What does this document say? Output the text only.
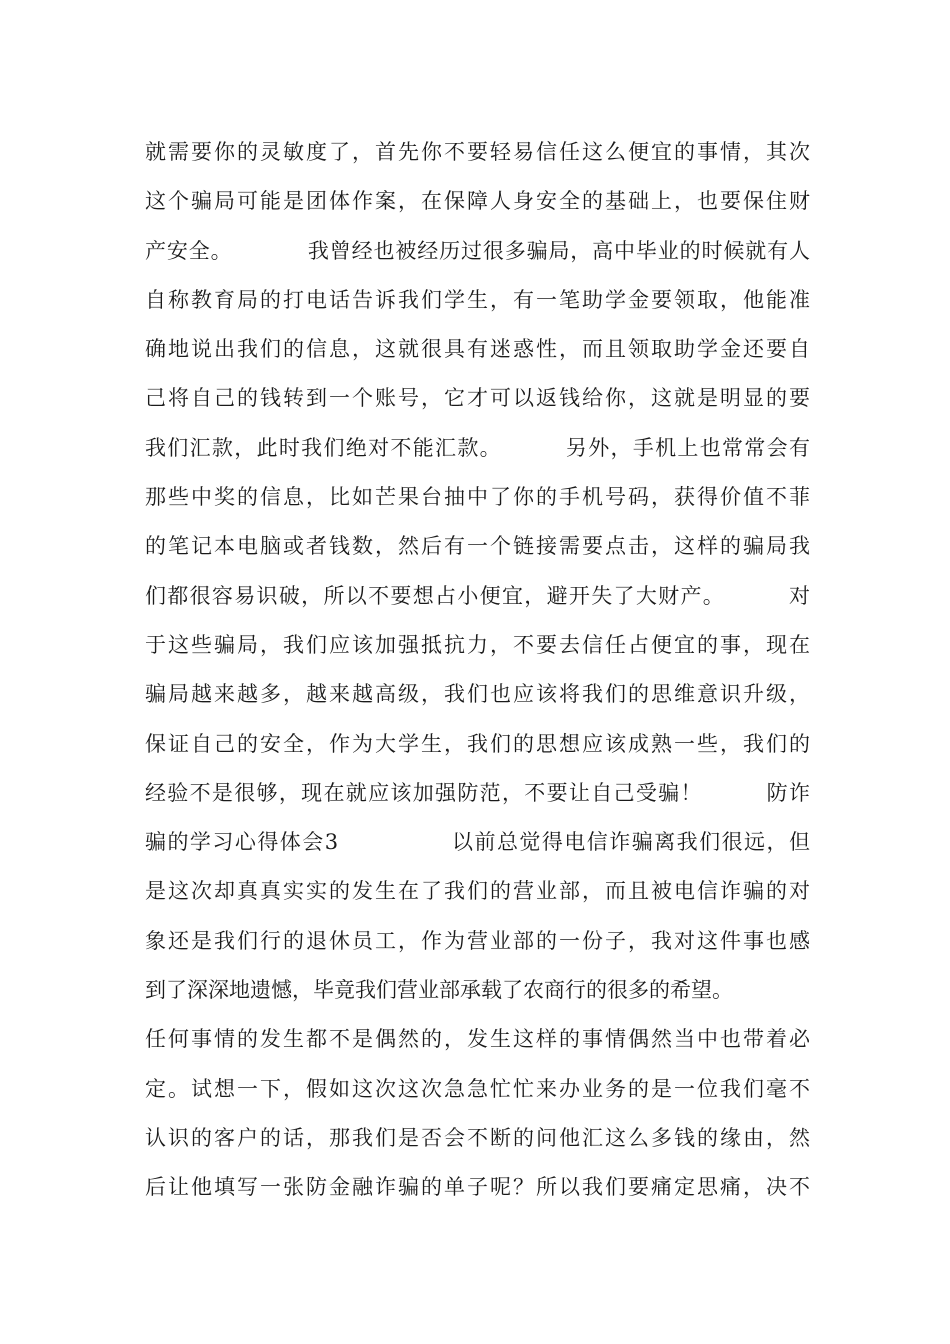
就需要你的灵敏度了，首先你不要轻易信任这么便宜的事情，其次
这个骗局可能是团体作案，在保障人身安全的基础上，也要保住财
产安全。          我曾经也被经历过很多骗局，高中毕业的时候就有人
自称教育局的打电话告诉我们学生，有一笔助学金要领取，他能准
确地说出我们的信息，这就很具有迷惑性，而且领取助学金还要自
己将自己的钱转到一个账号，它才可以返钱给你，这就是明显的要
我们汇款，此时我们绝对不能汇款。        另外，手机上也常常会有
那些中奖的信息，比如芒果台抽中了你的手机号码，获得价值不菲
的笔记本电脑或者钱数，然后有一个链接需要点击，这样的骗局我
们都很容易识破，所以不要想占小便宜，避开失了大财产。        对
于这些骗局，我们应该加强抵抗力，不要去信任占便宜的事，现在
骗局越来越多，越来越高级，我们也应该将我们的思维意识升级，
保证自己的安全，作为大学生，我们的思想应该成熟一些，我们的
经验不是很够，现在就应该加强防范，不要让自己受骗！        防诈
骗的学习心得体会3              以前总觉得电信诈骗离我们很远，但
是这次却真真实实的发生在了我们的营业部，而且被电信诈骗的对
象还是我们行的退休员工，作为营业部的一份子，我对这件事也感
到了深深地遗憾，毕竟我们营业部承载了农商行的很多的希望。
任何事情的发生都不是偶然的，发生这样的事情偶然当中也带着必
定。试想一下，假如这次这次急急忙忙来办业务的是一位我们毫不
认识的客户的话，那我们是否会不断的问他汇这么多钱的缘由，然
后让他填写一张防金融诈骗的单子呢？所以我们要痛定思痛，决不
